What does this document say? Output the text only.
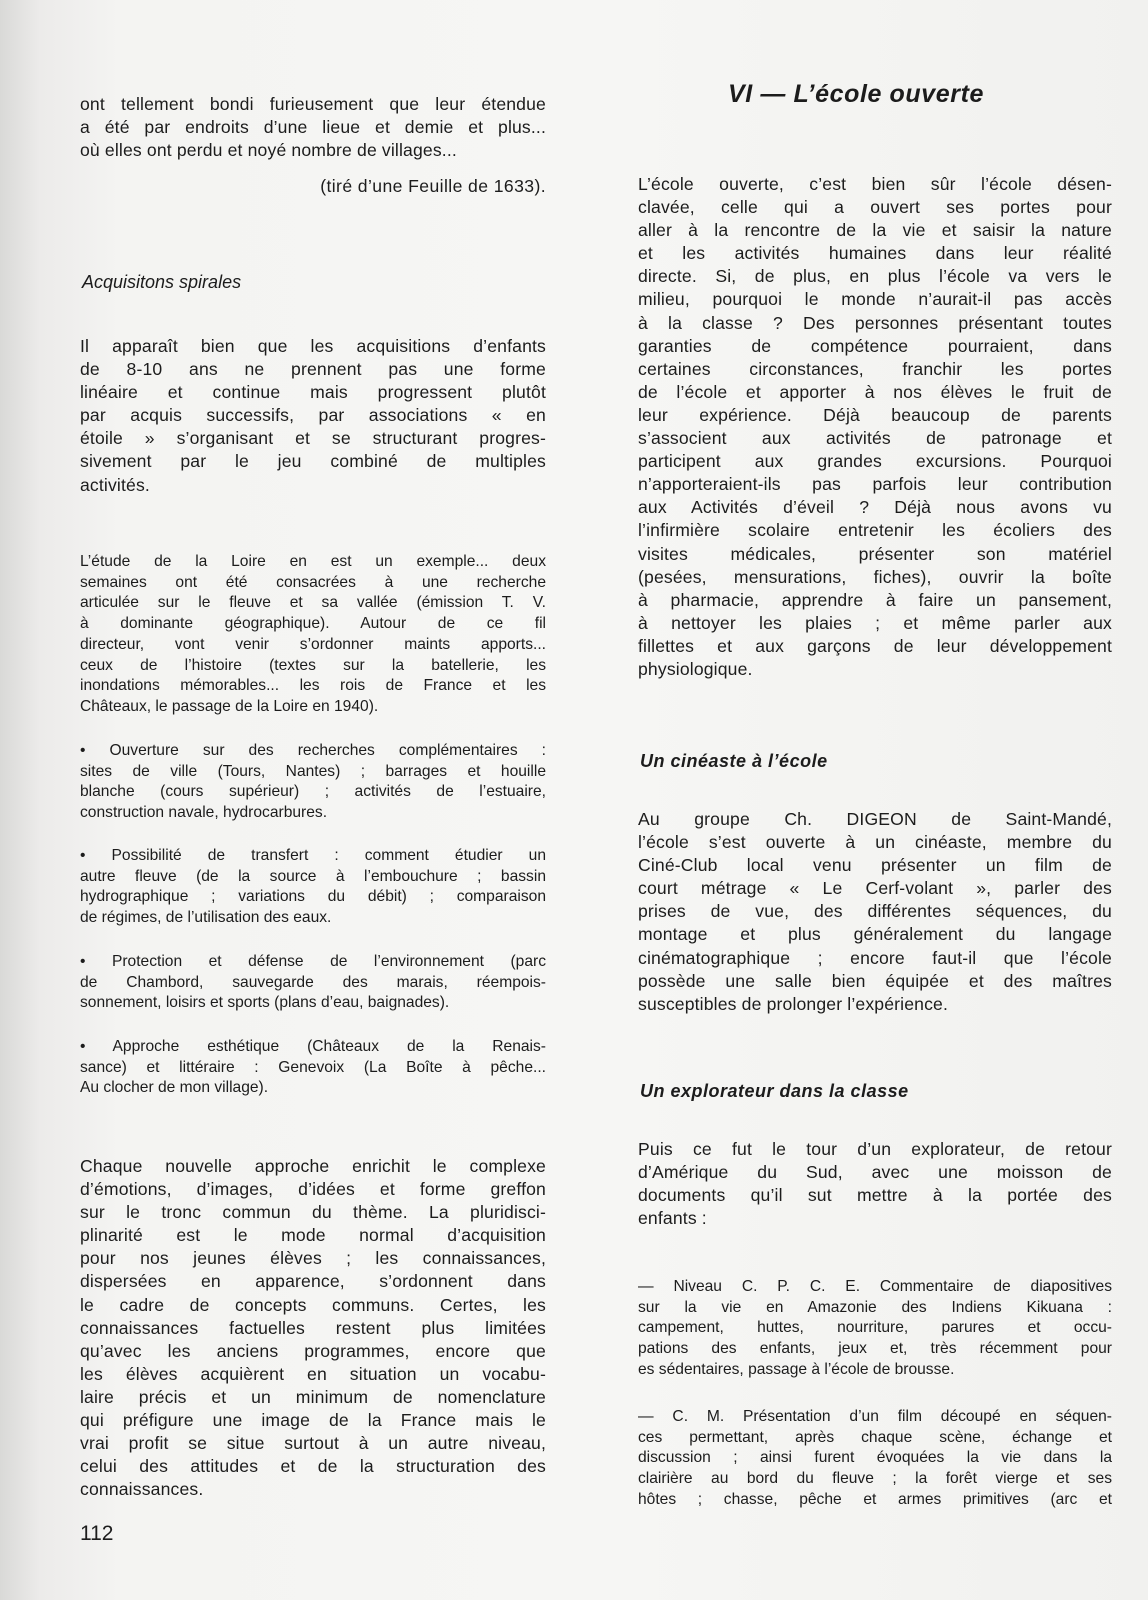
ont tellement bondi furieusement que leur étendue
a été par endroits d’une lieue et demie et plus...
où elles ont perdu et noyé nombre de villages...
(tiré d’une Feuille de 1633).
Acquisitons spirales
Il apparaît bien que les acquisitions d’enfants
de 8-10 ans ne prennent pas une forme
linéaire et continue mais progressent plutôt
par acquis successifs, par associations « en
étoile » s’organisant et se structurant progres-
sivement par le jeu combiné de multiples
activités.
L’étude de la Loire en est un exemple... deux
semaines ont été consacrées à une recherche
articulée sur le fleuve et sa vallée (émission T. V.
à dominante géographique). Autour de ce fil
directeur, vont venir s’ordonner maints apports...
ceux de l’histoire (textes sur la batellerie, les
inondations mémorables... les rois de France et les
Châteaux, le passage de la Loire en 1940).
• Ouverture sur des recherches complémentaires :
sites de ville (Tours, Nantes) ; barrages et houille
blanche (cours supérieur) ; activités de l’estuaire,
construction navale, hydrocarbures.
• Possibilité de transfert : comment étudier un
autre fleuve (de la source à l’embouchure ; bassin
hydrographique ; variations du débit) ; comparaison
de régimes, de l’utilisation des eaux.
• Protection et défense de l’environnement (parc
de Chambord, sauvegarde des marais, réempois-
sonnement, loisirs et sports (plans d’eau, baignades).
• Approche esthétique (Châteaux de la Renais-
sance) et littéraire : Genevoix (La Boîte à pêche...
Au clocher de mon village).
Chaque nouvelle approche enrichit le complexe
d’émotions, d’images, d’idées et forme greffon
sur le tronc commun du thème. La pluridisci-
plinarité est le mode normal d’acquisition
pour nos jeunes élèves ; les connaissances,
dispersées en apparence, s’ordonnent dans
le cadre de concepts communs. Certes, les
connaissances factuelles restent plus limitées
qu’avec les anciens programmes, encore que
les élèves acquièrent en situation un vocabu-
laire précis et un minimum de nomenclature
qui préfigure une image de la France mais le
vrai profit se situe surtout à un autre niveau,
celui des attitudes et de la structuration des
connaissances.
112
VI — L’école ouverte
L’école ouverte, c’est bien sûr l’école désen-
clavée, celle qui a ouvert ses portes pour
aller à la rencontre de la vie et saisir la nature
et les activités humaines dans leur réalité
directe. Si, de plus, en plus l’école va vers le
milieu, pourquoi le monde n’aurait-il pas accès
à la classe ? Des personnes présentant toutes
garanties de compétence pourraient, dans
certaines circonstances, franchir les portes
de l’école et apporter à nos élèves le fruit de
leur expérience. Déjà beaucoup de parents
s’associent aux activités de patronage et
participent aux grandes excursions. Pourquoi
n’apporteraient-ils pas parfois leur contribution
aux Activités d’éveil ? Déjà nous avons vu
l’infirmière scolaire entretenir les écoliers des
visites médicales, présenter son matériel
(pesées, mensurations, fiches), ouvrir la boîte
à pharmacie, apprendre à faire un pansement,
à nettoyer les plaies ; et même parler aux
fillettes et aux garçons de leur développement
physiologique.
Un cinéaste à l’école
Au groupe Ch. DIGEON de Saint-Mandé,
l’école s’est ouverte à un cinéaste, membre du
Ciné-Club local venu présenter un film de
court métrage « Le Cerf-volant », parler des
prises de vue, des différentes séquences, du
montage et plus généralement du langage
cinématographique ; encore faut-il que l’école
possède une salle bien équipée et des maîtres
susceptibles de prolonger l’expérience.
Un explorateur dans la classe
Puis ce fut le tour d’un explorateur, de retour
d’Amérique du Sud, avec une moisson de
documents qu’il sut mettre à la portée des
enfants :
— Niveau C. P. C. E. Commentaire de diapositives
sur la vie en Amazonie des Indiens Kikuana :
campement, huttes, nourriture, parures et occu-
pations des enfants, jeux et, très récemment pour
es sédentaires, passage à l’école de brousse.
— C. M. Présentation d’un film découpé en séquen-
ces permettant, après chaque scène, échange et
discussion ; ainsi furent évoquées la vie dans la
clairière au bord du fleuve ; la forêt vierge et ses
hôtes ; chasse, pêche et armes primitives (arc et
